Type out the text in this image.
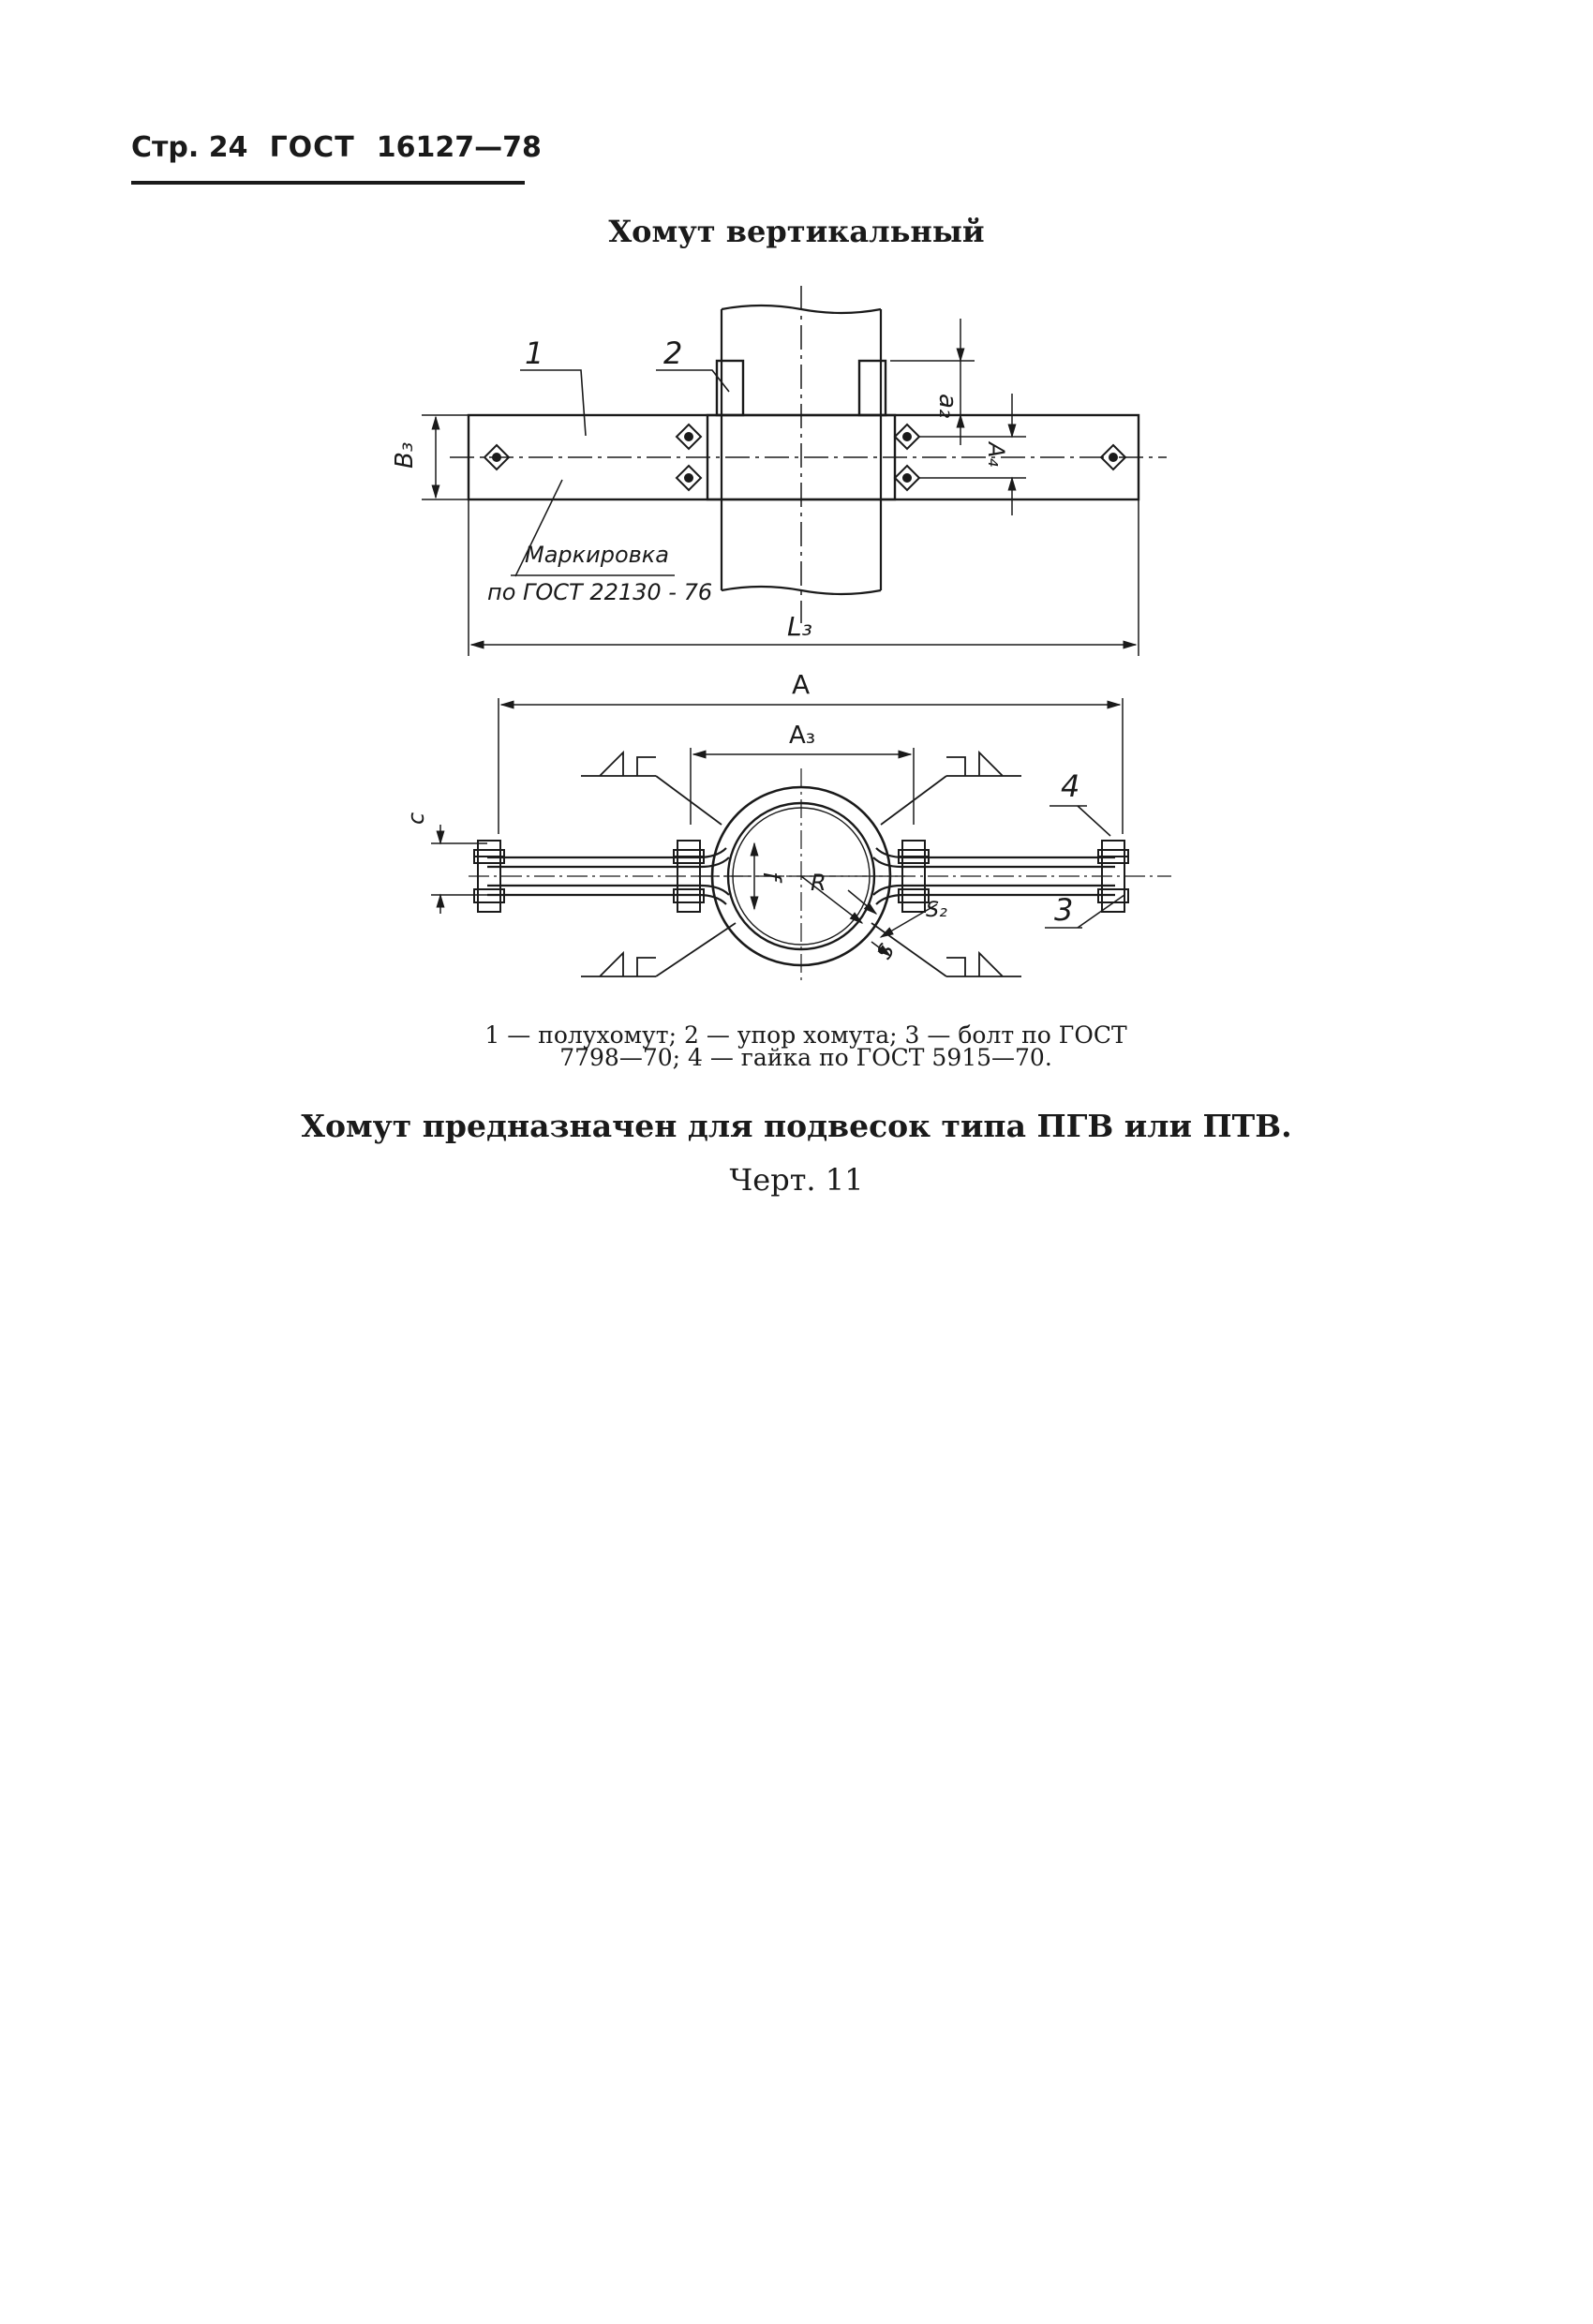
Стр. 24 ГОСТ 16127—78
Хомут вертикальный
1	2
a₂
A₄
B₃
L₃
Маркировка
по ГОСТ 22130 - 76
A
A₃
c
f R
S₂
S
4
3
1 — полухомут; 2 — упор хомута; 3 — болт по ГОСТ
7798—70; 4 — гайка по ГОСТ 5915—70.
Хомут предназначен для подвесок типа ПГВ или ПТВ.
Черт. 11
